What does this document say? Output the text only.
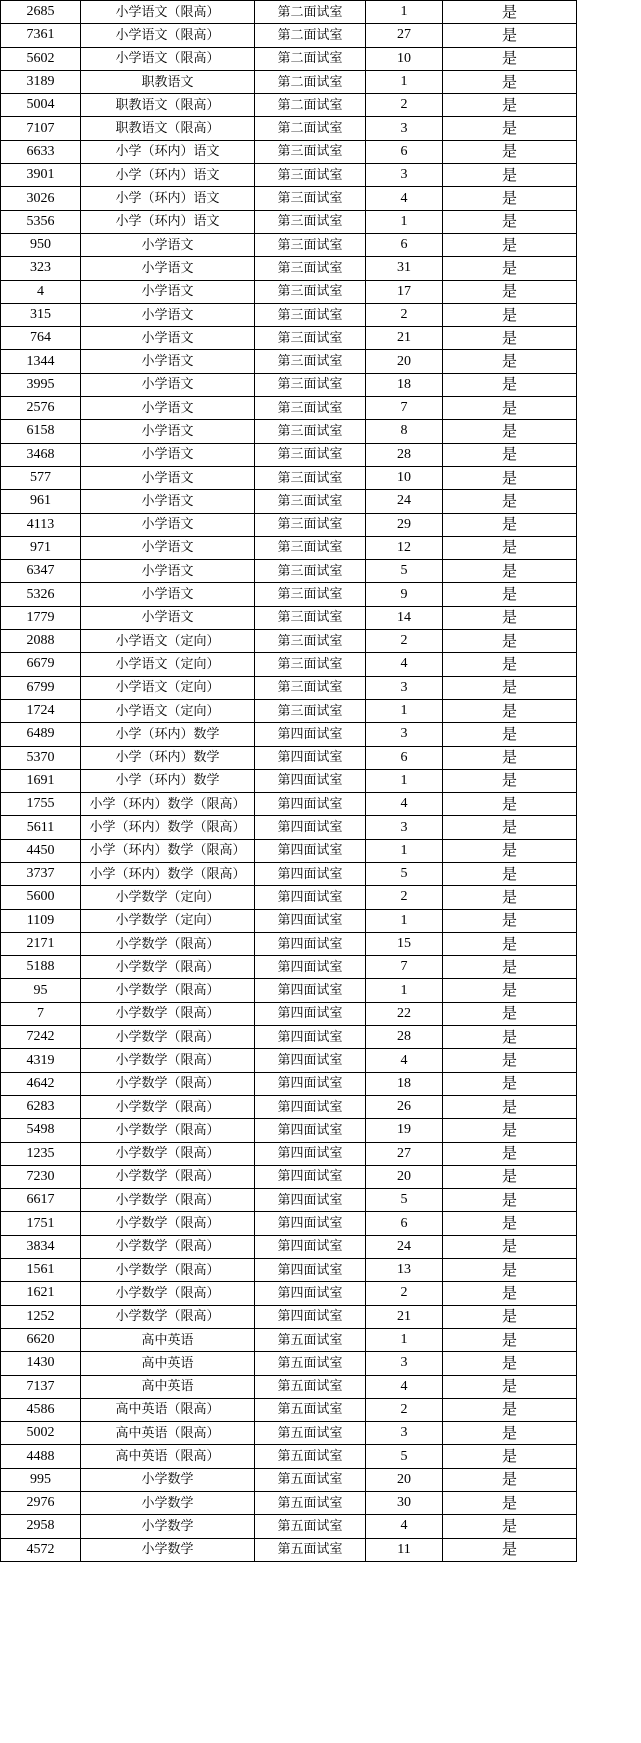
2685	小学语文（限高）	第二面试室	1	是
7361	小学语文（限高）	第二面试室	27	是
5602	小学语文（限高）	第二面试室	10	是
3189	职教语文	第二面试室	1	是
5004	职教语文（限高）	第二面试室	2	是
7107	职教语文（限高）	第二面试室	3	是
6633	小学（环内）语文	第三面试室	6	是
3901	小学（环内）语文	第三面试室	3	是
3026	小学（环内）语文	第三面试室	4	是
5356	小学（环内）语文	第三面试室	1	是
950	小学语文	第三面试室	6	是
323	小学语文	第三面试室	31	是
4	小学语文	第三面试室	17	是
315	小学语文	第三面试室	2	是
764	小学语文	第三面试室	21	是
1344	小学语文	第三面试室	20	是
3995	小学语文	第三面试室	18	是
2576	小学语文	第三面试室	7	是
6158	小学语文	第三面试室	8	是
3468	小学语文	第三面试室	28	是
577	小学语文	第三面试室	10	是
961	小学语文	第三面试室	24	是
4113	小学语文	第三面试室	29	是
971	小学语文	第三面试室	12	是
6347	小学语文	第三面试室	5	是
5326	小学语文	第三面试室	9	是
1779	小学语文	第三面试室	14	是
2088	小学语文（定向）	第三面试室	2	是
6679	小学语文（定向）	第三面试室	4	是
6799	小学语文（定向）	第三面试室	3	是
1724	小学语文（定向）	第三面试室	1	是
6489	小学（环内）数学	第四面试室	3	是
5370	小学（环内）数学	第四面试室	6	是
1691	小学（环内）数学	第四面试室	1	是
1755	小学（环内）数学（限高）	第四面试室	4	是
5611	小学（环内）数学（限高）	第四面试室	3	是
4450	小学（环内）数学（限高）	第四面试室	1	是
3737	小学（环内）数学（限高）	第四面试室	5	是
5600	小学数学（定向）	第四面试室	2	是
1109	小学数学（定向）	第四面试室	1	是
2171	小学数学（限高）	第四面试室	15	是
5188	小学数学（限高）	第四面试室	7	是
95	小学数学（限高）	第四面试室	1	是
7	小学数学（限高）	第四面试室	22	是
7242	小学数学（限高）	第四面试室	28	是
4319	小学数学（限高）	第四面试室	4	是
4642	小学数学（限高）	第四面试室	18	是
6283	小学数学（限高）	第四面试室	26	是
5498	小学数学（限高）	第四面试室	19	是
1235	小学数学（限高）	第四面试室	27	是
7230	小学数学（限高）	第四面试室	20	是
6617	小学数学（限高）	第四面试室	5	是
1751	小学数学（限高）	第四面试室	6	是
3834	小学数学（限高）	第四面试室	24	是
1561	小学数学（限高）	第四面试室	13	是
1621	小学数学（限高）	第四面试室	2	是
1252	小学数学（限高）	第四面试室	21	是
6620	高中英语	第五面试室	1	是
1430	高中英语	第五面试室	3	是
7137	高中英语	第五面试室	4	是
4586	高中英语（限高）	第五面试室	2	是
5002	高中英语（限高）	第五面试室	3	是
4488	高中英语（限高）	第五面试室	5	是
995	小学数学	第五面试室	20	是
2976	小学数学	第五面试室	30	是
2958	小学数学	第五面试室	4	是
4572	小学数学	第五面试室	11	是
